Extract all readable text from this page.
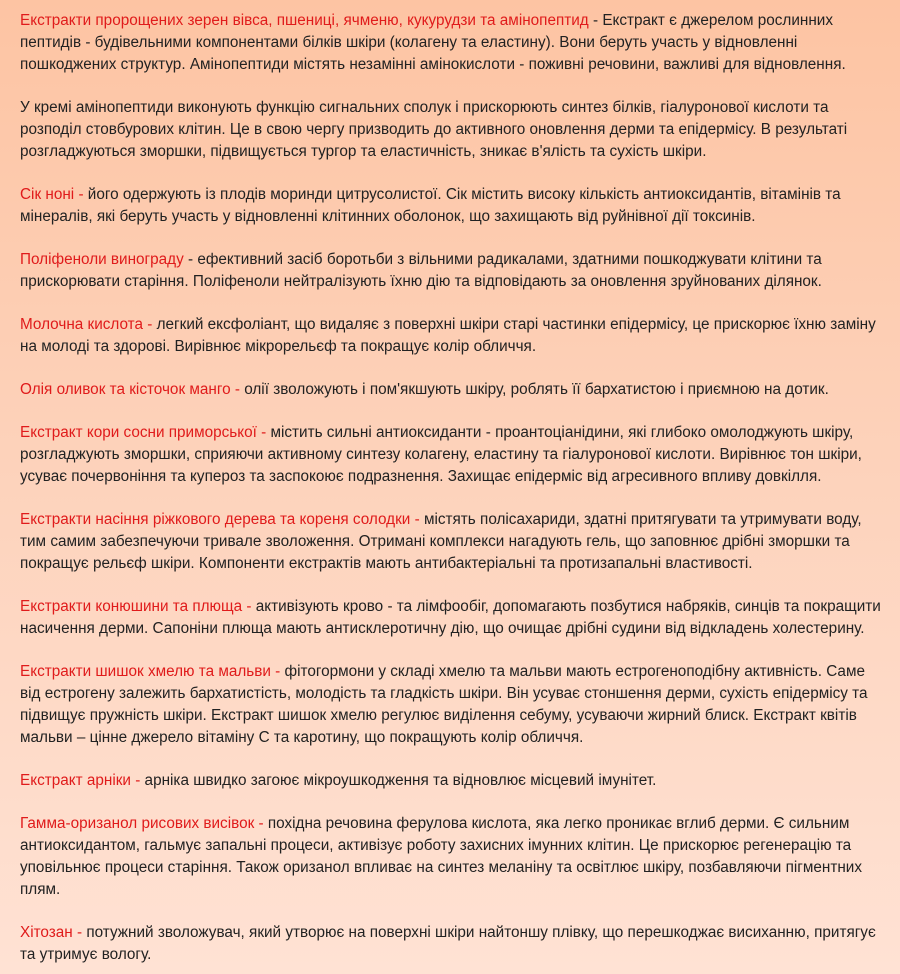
Екстракти пророщених зерен вівса, пшениці, ячменю, кукурудзи та амінопептид - Екстракт є джерелом рослинних пептидів - будівельними компонентами білків шкіри (колагену та еластину). Вони беруть участь у відновленні пошкоджених структур. Амінопептиди містять незамінні амінокислоти - поживні речовини, важливі для відновлення.

У кремі амінопептиди виконують функцію сигнальних сполук і прискорюють синтез білків, гіалуронової кислоти та розподіл стовбурових клітин. Це в свою чергу призводить до активного оновлення дерми та епідермісу. В результаті розгладжуються зморшки, підвищується тургор та еластичність, зникає в'ялість та сухість шкіри.

Сік нoні - його одержують із плодів моринди цитрусолистої. Сік містить високу кількість антиоксидантів, вітамінів та мінералів, які беруть участь у відновленні клітинних оболонок, що захищають від руйнівної дії токсинів.

Поліфеноли винограду - ефективний засіб боротьби з вільними радикалами, здатними пошкоджувати клітини та прискорювати старіння. Поліфеноли нейтралізують їхню дію та відповідають за оновлення зруйнованих ділянок.

Молочна кислота - легкий ексфоліант, що видаляє з поверхні шкіри старі частинки епідермісу, це прискорює їхню заміну на молоді та здорові. Вирівнює мікрорельєф та покращує колір обличчя.

Олія оливок та кісточок манго - олії зволожують і пом'якшують шкіру, роблять її бархатистою і приємною на дотик.

Екстракт кори сосни приморської - містить сильні антиоксиданти - проантоціанідини, які глибоко омолоджують шкіру, розгладжують зморшки, сприяючи активному синтезу колагену, еластину та гіалуронової кислоти. Вирівнює тон шкіри, усуває почервоніння та купероз та заспокоює подразнення. Захищає епідерміс від агресивного впливу довкілля.

Екстракти насіння ріжкового дерева та кореня солодки - містять полісахариди, здатні притягувати та утримувати воду, тим самим забезпечуючи тривале зволоження. Отримані комплекси нагадують гель, що заповнює дрібні зморшки та покращує рельєф шкіри. Компоненти екстрактів мають антибактеріальні та протизапальні властивості.

Екстракти конюшини та плюща - активізують крово - та лімфообіг, допомагають позбутися набряків, синців та покращити насичення дерми. Сапоніни плюща мають антисклеротичну дію, що очищає дрібні судини від відкладень холестерину.

Екстракти шишок хмелю та мальви - фітогормони у складі хмелю та мальви мають естрогеноподібну активність. Саме від естрогену залежить бархатистість, молодість та гладкість шкіри. Він усуває стоншення дерми, сухість епідермісу та підвищує пружність шкіри. Екстракт шишок хмелю регулює виділення себуму, усуваючи жирний блиск. Екстракт квітів мальви – цінне джерело вітаміну С та каротину, що покращують колір обличчя.

Екстракт арніки - арніка швидко загоює мікроушкодження та відновлює місцевий імунітет.

Гамма-оризанол рисових висівок - похідна речовина ферулова кислота, яка легко проникає вглиб дерми. Є сильним антиоксидантом, гальмує запальні процеси, активізує роботу захисних імунних клітин. Це прискорює регенерацію та уповільнює процеси старіння. Також оризанол впливає на синтез меланіну та освітлює шкіру, позбавляючи пігментних плям.

Хітозан - потужний зволожувач, який утворює на поверхні шкіри найтоншу плівку, що перешкоджає висиханню, притягує та утримує вологу.
